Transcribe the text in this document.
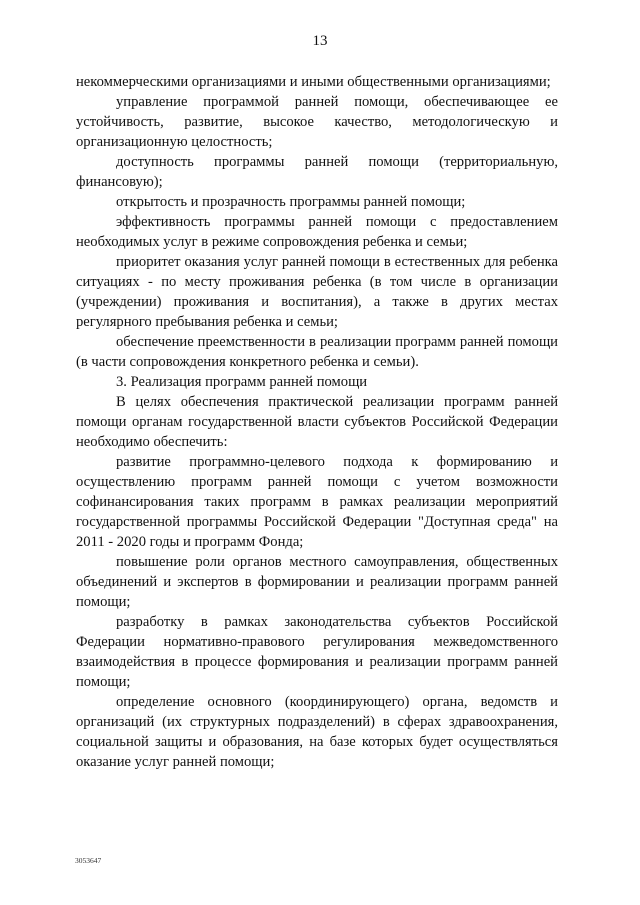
13

некоммерческими организациями и иными общественными организациями;

управление программой ранней помощи, обеспечивающее ее устойчивость, развитие, высокое качество, методологическую и организационную целостность;

доступность программы ранней помощи (территориальную, финансовую);

открытость и прозрачность программы ранней помощи;

эффективность программы ранней помощи с предоставлением необходимых услуг в режиме сопровождения ребенка и семьи;

приоритет оказания услуг ранней помощи в естественных для ребенка ситуациях - по месту проживания ребенка (в том числе в организации (учреждении) проживания и воспитания), а также в других местах регулярного пребывания ребенка и семьи;

обеспечение преемственности в реализации программ ранней помощи (в части сопровождения конкретного ребенка и семьи).

3. Реализация программ ранней помощи

В целях обеспечения практической реализации программ ранней помощи органам государственной власти субъектов Российской Федерации необходимо обеспечить:

развитие программно-целевого подхода к формированию и осуществлению программ ранней помощи с учетом возможности софинансирования таких программ в рамках реализации мероприятий государственной программы Российской Федерации "Доступная среда" на 2011 - 2020 годы и программ Фонда;

повышение роли органов местного самоуправления, общественных объединений и экспертов в формировании и реализации программ ранней помощи;

разработку в рамках законодательства субъектов Российской Федерации нормативно-правового регулирования межведомственного взаимодействия в процессе формирования и реализации программ ранней помощи;

определение основного (координирующего) органа, ведомств и организаций (их структурных подразделений) в сферах здравоохранения, социальной защиты и образования, на базе которых будет осуществляться оказание услуг ранней помощи;

3053647
